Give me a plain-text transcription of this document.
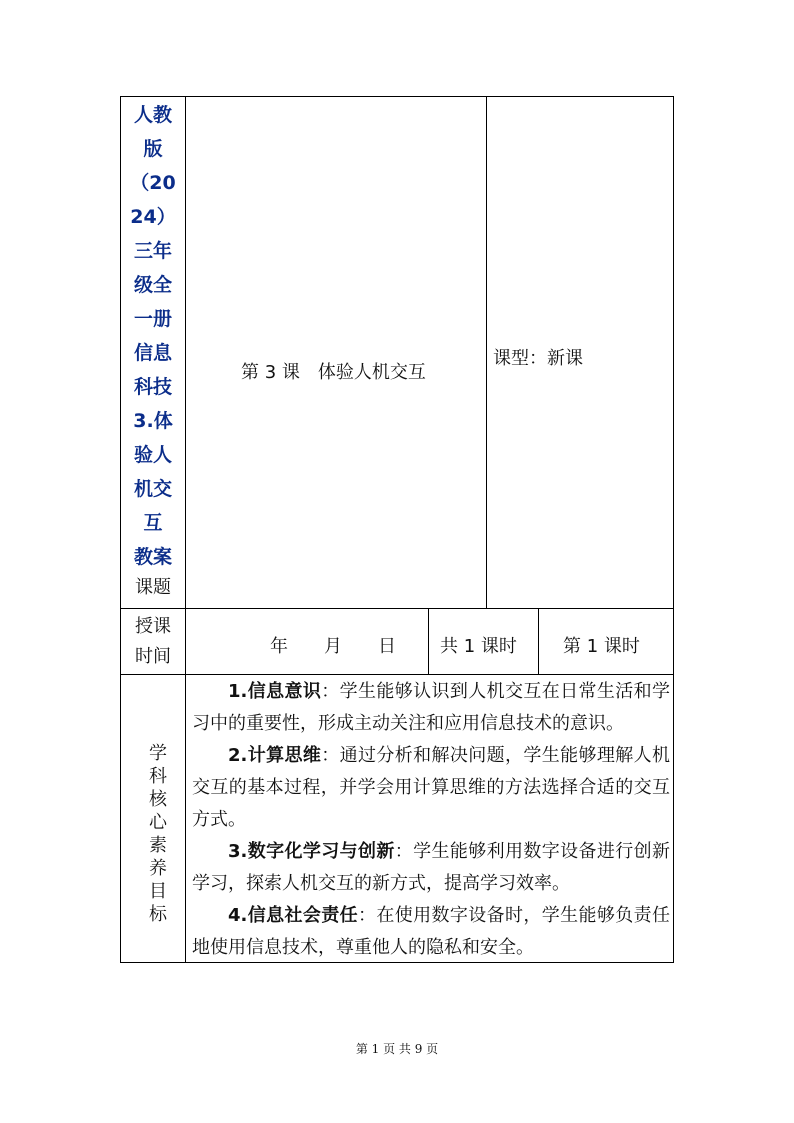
人教
版
（20
24）
三年
级全
一册
信息
科技
3.体
验人
机交
互
教案
课题
第 3 课　体验人机交互
课型：新课
授课
时间	年　　月　　日 共 1 课时	第 1 课时
学
科
核
心
素
养
目
标

1.信息意识：学生能够认识到人机交互在日常生活和学习中的重要性，形成主动关注和应用信息技术的意识。

2.计算思维：通过分析和解决问题，学生能够理解人机交互的基本过程，并学会用计算思维的方法选择合适的交互方式。

3.数字化学习与创新：学生能够利用数字设备进行创新学习，探索人机交互的新方式，提高学习效率。

4.信息社会责任：在使用数字设备时，学生能够负责任地使用信息技术，尊重他人的隐私和安全。

第 1 页 共 9 页
